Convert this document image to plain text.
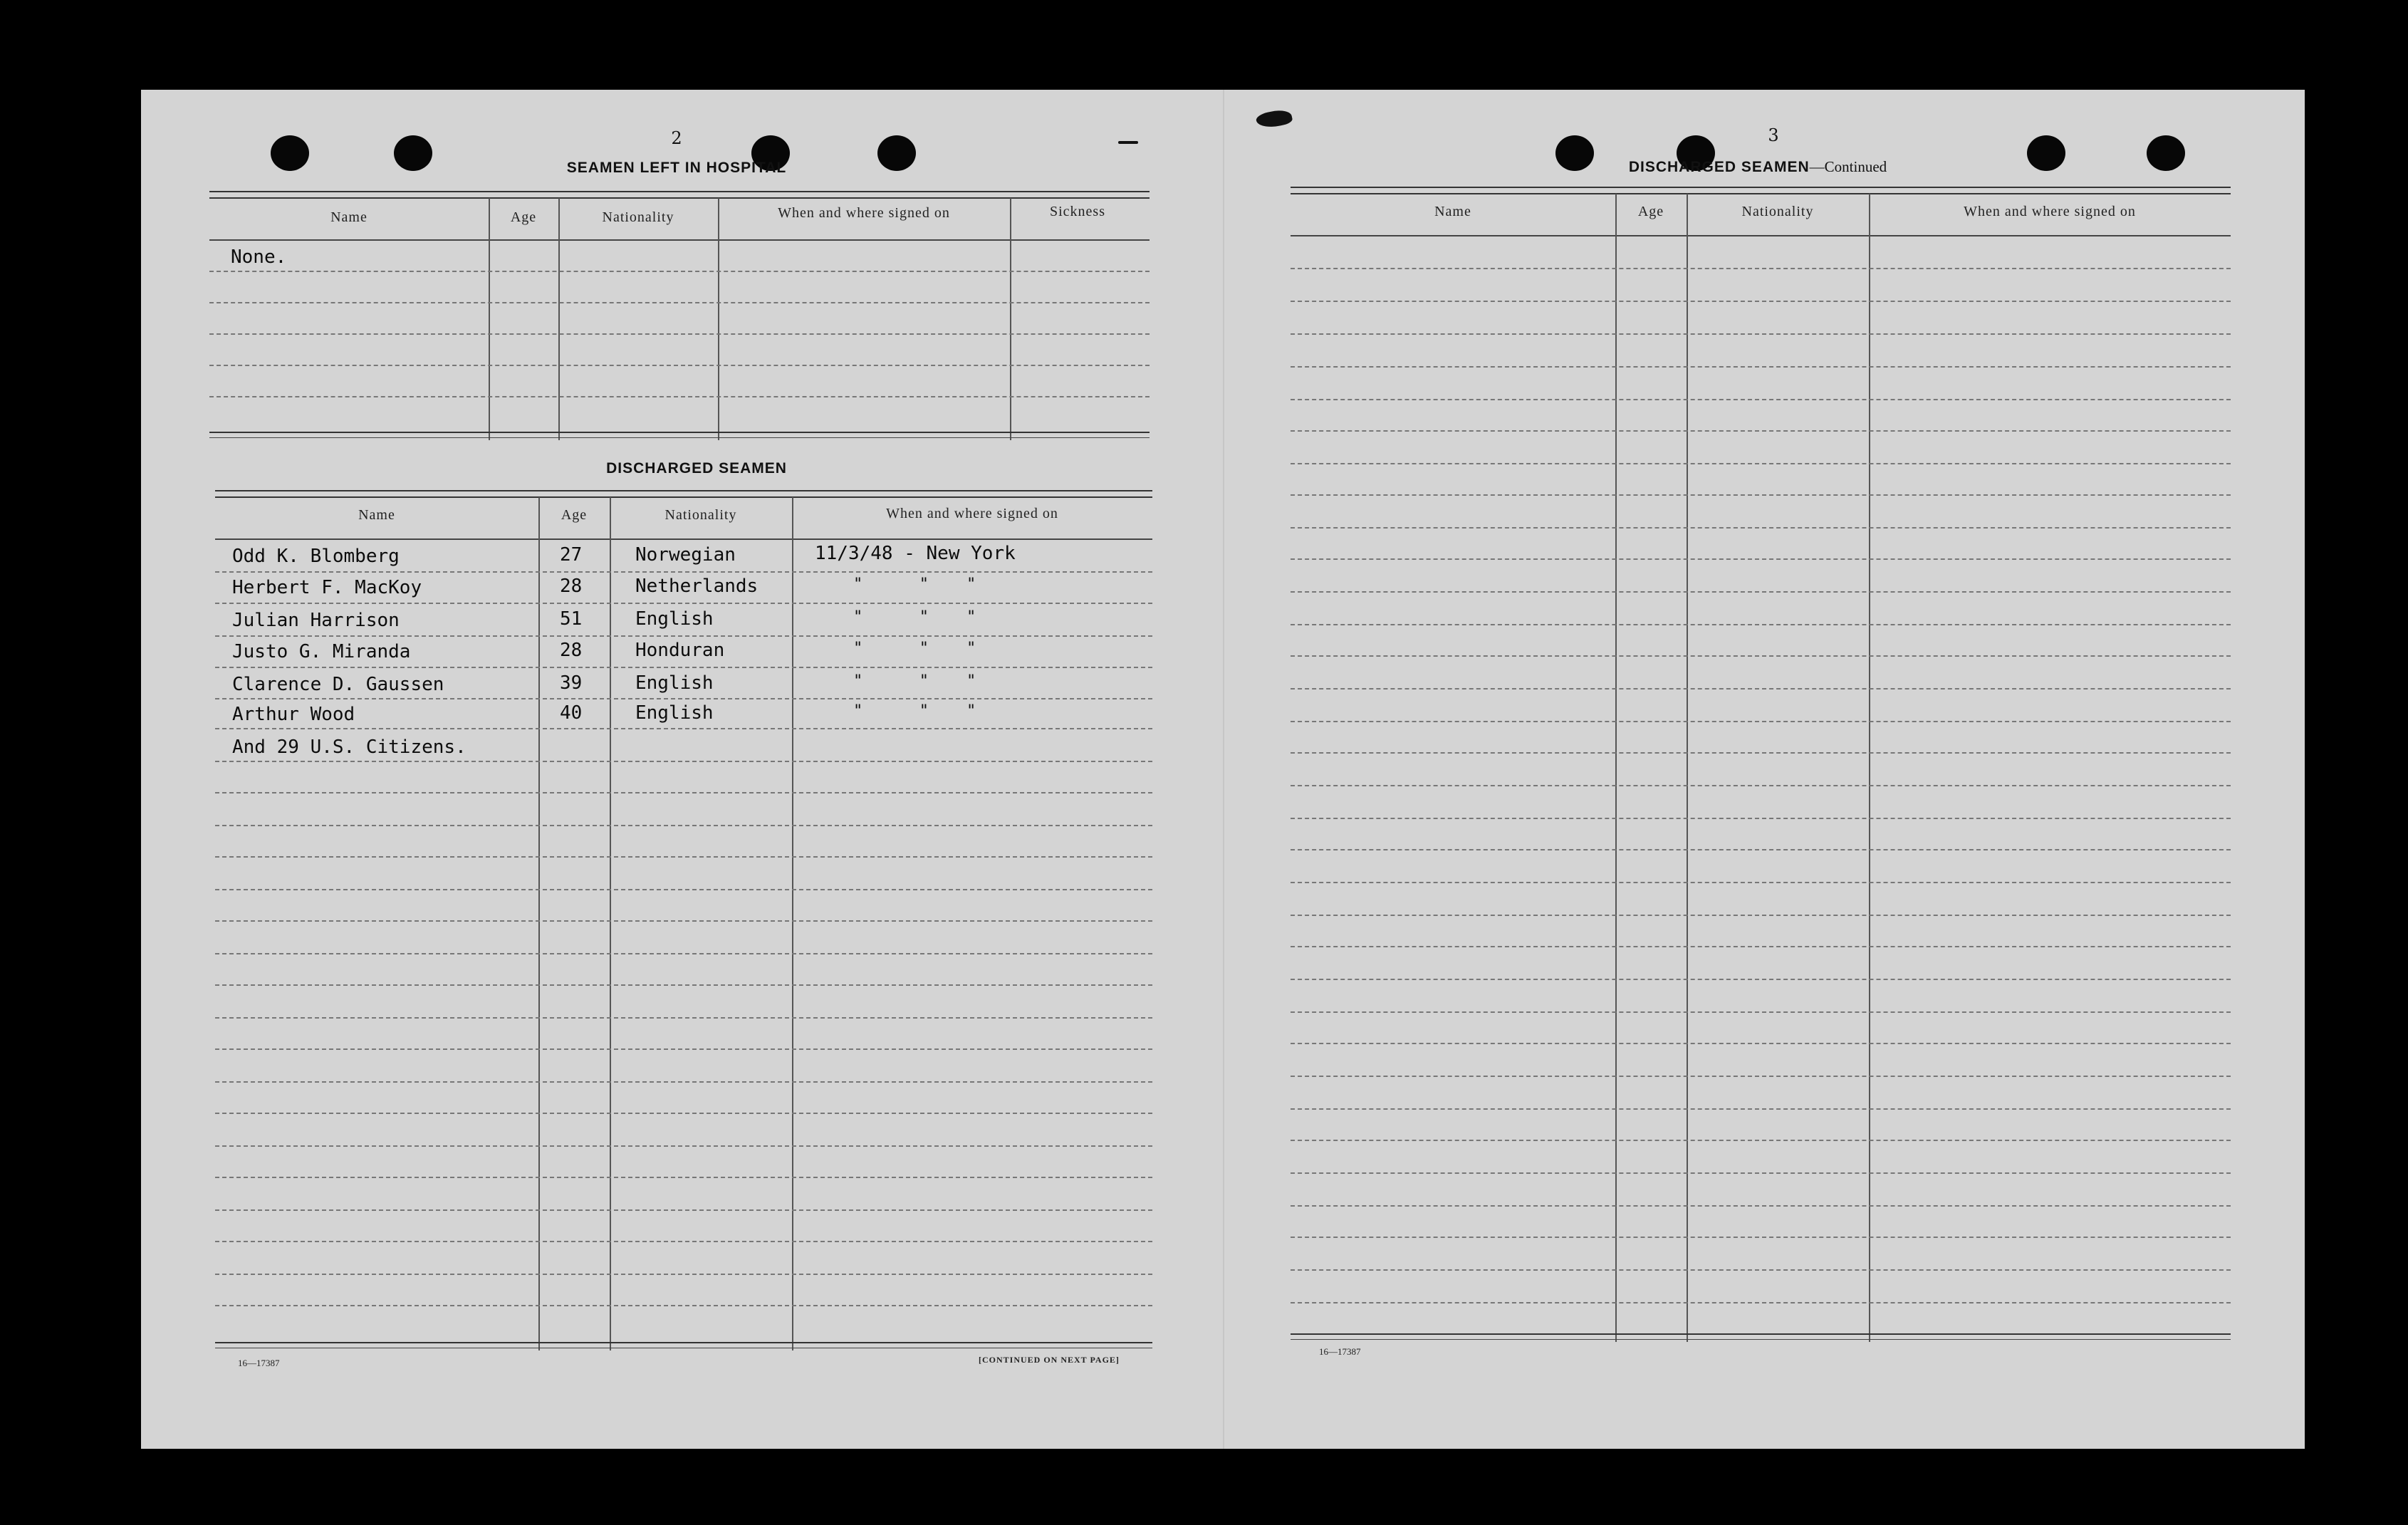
2
SEAMEN LEFT IN HOSPITAL
Name	Age	Nationality	When and where signed on	Sickness
None.
DISCHARGED SEAMEN
Name	Age	Nationality	When and where signed on
Odd K. Blomberg	27	Norwegian	11/3/48 - New York
Herbert F. MacKoy	28	Netherlands	"      "    "
Julian Harrison	51	English	"      "    "
Justo G. Miranda	28	Honduran	"      "    "
Clarence D. Gaussen	39	English	"      "    "
Arthur Wood	40	English	"      "    "
And 29 U.S. Citizens.
16—17387	[CONTINUED ON NEXT PAGE]
3
DISCHARGED SEAMEN—Continued
Name	Age	Nationality	When and where signed on
16—17387
